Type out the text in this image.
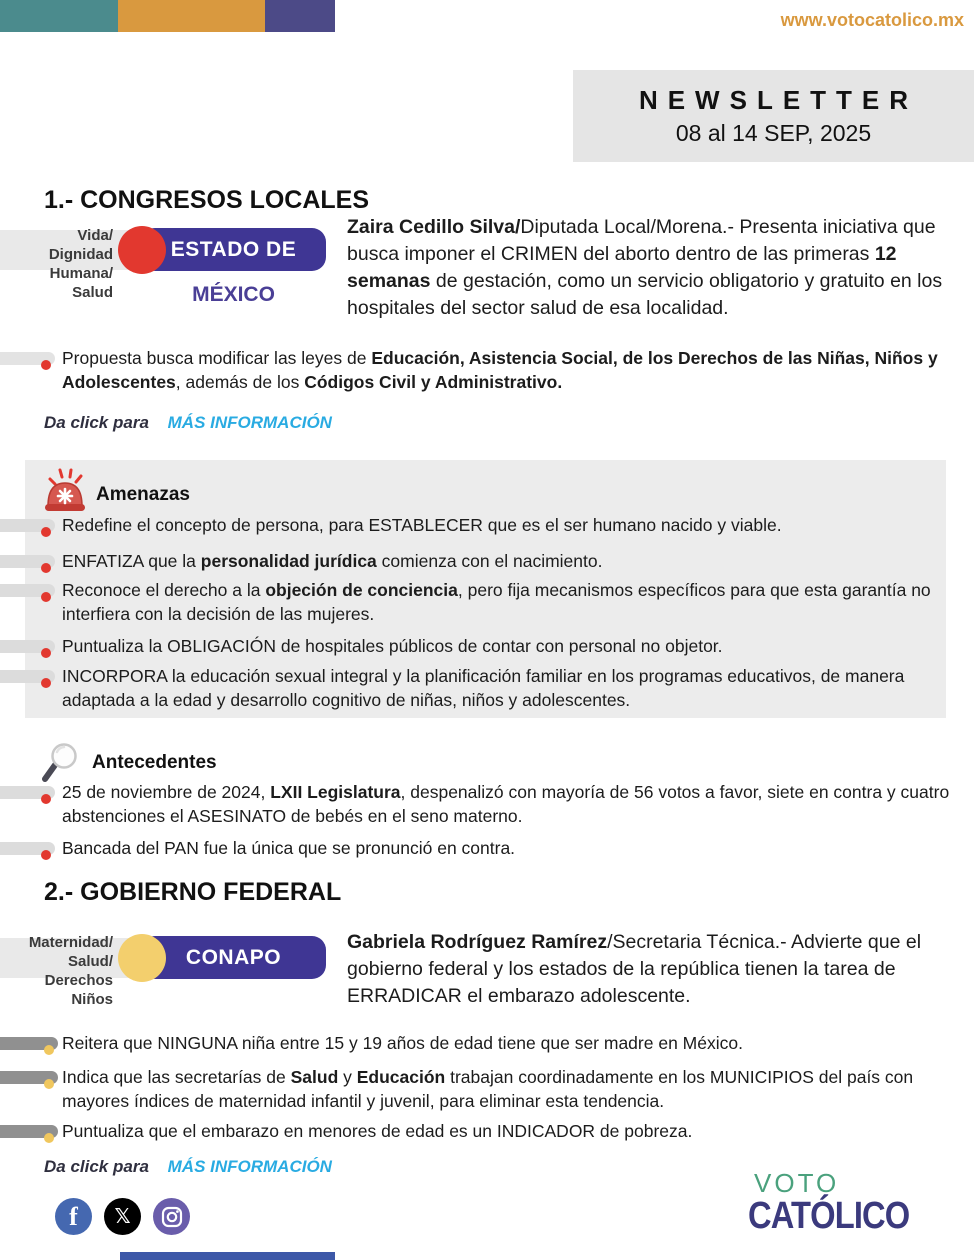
www.votocatolico.mx
NEWSLETTER
08 al 14 SEP, 2025
1.- CONGRESOS LOCALES
Vida/
Dignidad
Humana/
Salud
ESTADO DE
MÉXICO
Zaira Cedillo Silva/Diputada Local/Morena.- Presenta iniciativa que busca imponer el CRIMEN del aborto dentro de las primeras 12 semanas de gestación, como un servicio obligatorio y gratuito en los hospitales del sector salud de esa localidad.
Propuesta busca modificar las leyes de Educación, Asistencia Social, de los Derechos de las Niñas, Niños y Adolescentes, además de los Códigos Civil y Administrativo.
Da click para MÁS INFORMACIÓN
Amenazas
Redefine el concepto de persona, para ESTABLECER que es el ser humano nacido y viable.
ENFATIZA que la personalidad jurídica comienza con el nacimiento.
Reconoce el derecho a la objeción de conciencia, pero fija mecanismos específicos para que esta garantía no interfiera con la decisión de las mujeres.
Puntualiza la OBLIGACIÓN de hospitales públicos de contar con personal no objetor.
INCORPORA la educación sexual integral y la planificación familiar en los programas educativos, de manera adaptada a la edad y desarrollo cognitivo de niñas, niños y adolescentes.
Antecedentes
25 de noviembre de 2024, LXII Legislatura, despenalizó con mayoría de 56 votos a favor, siete en contra y cuatro abstenciones el ASESINATO de bebés en el seno materno.
Bancada del PAN fue la única que se pronunció en contra.
2.- GOBIERNO FEDERAL
Maternidad/
Salud/
Derechos
Niños
CONAPO
Gabriela Rodríguez Ramírez/Secretaria Técnica.- Advierte que el gobierno federal y los estados de la república tienen la tarea de ERRADICAR el embarazo adolescente.
Reitera que NINGUNA niña entre 15 y 19 años de edad tiene que ser madre en México.
Indica que las secretarías de Salud y Educación trabajan coordinadamente en los MUNICIPIOS del país con mayores índices de maternidad infantil y juvenil, para eliminar esta tendencia.
Puntualiza que el embarazo en menores de edad es un INDICADOR de pobreza.
Da click para MÁS INFORMACIÓN
f	𝕏
VOTO
CATÓLICO
